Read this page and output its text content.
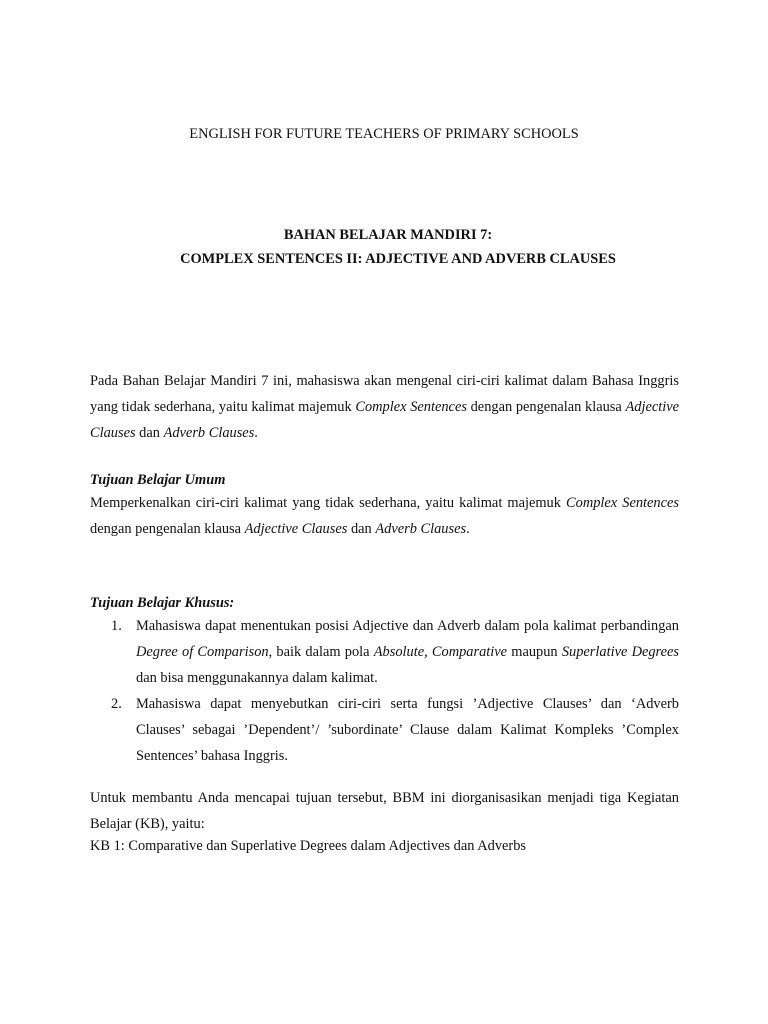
ENGLISH FOR FUTURE TEACHERS OF PRIMARY SCHOOLS
BAHAN BELAJAR MANDIRI 7:
COMPLEX SENTENCES II: ADJECTIVE AND ADVERB CLAUSES
Pada Bahan Belajar Mandiri 7 ini, mahasiswa akan mengenal ciri-ciri kalimat dalam Bahasa Inggris yang tidak sederhana, yaitu kalimat majemuk Complex Sentences dengan pengenalan klausa Adjective Clauses dan Adverb Clauses.
Tujuan Belajar Umum
Memperkenalkan ciri-ciri kalimat yang tidak sederhana, yaitu kalimat majemuk Complex Sentences dengan pengenalan klausa Adjective Clauses dan Adverb Clauses.
Tujuan Belajar Khusus:
1. Mahasiswa dapat menentukan posisi Adjective dan Adverb dalam pola kalimat perbandingan Degree of Comparison, baik dalam pola Absolute, Comparative maupun Superlative Degrees dan bisa menggunakannya dalam kalimat.
2. Mahasiswa dapat menyebutkan ciri-ciri serta fungsi ’Adjective Clauses’ dan ‘Adverb Clauses’ sebagai ’Dependent’/ ’subordinate’ Clause dalam Kalimat Kompleks ’Complex Sentences’ bahasa Inggris.
Untuk membantu Anda mencapai tujuan tersebut, BBM ini diorganisasikan menjadi tiga Kegiatan Belajar (KB), yaitu:
KB 1: Comparative dan Superlative Degrees dalam Adjectives dan Adverbs
